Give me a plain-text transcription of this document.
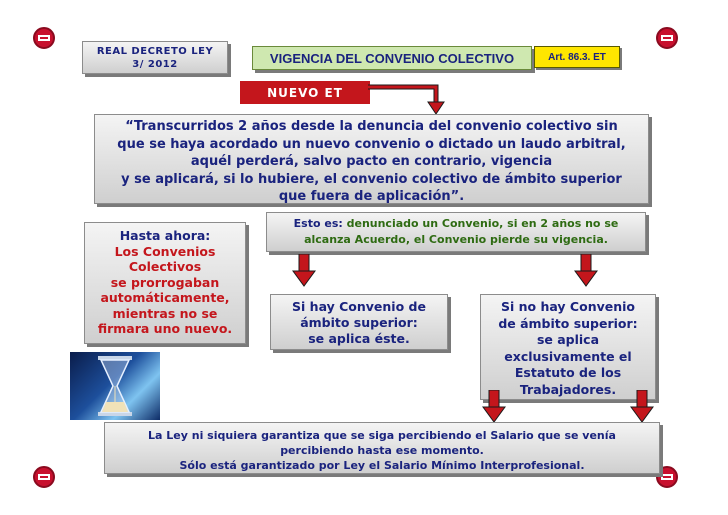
REAL DECRETO LEY
3/ 2012	VIGENCIA DEL CONVENIO COLECTIVO	Art. 86.3. ET
NUEVO ET
“Transcurridos 2 años desde la denuncia del convenio colectivo sin
que se haya acordado un nuevo convenio o dictado un laudo arbitral,
aquél perderá, salvo pacto en contrario, vigencia
y se aplicará, si lo hubiere, el convenio colectivo de ámbito superior
que fuera de aplicación”.
Esto es: denunciado un Convenio, si en 2 años no se
alcanza Acuerdo, el Convenio pierde su vigencia.
Hasta ahora:
Los Convenios
Colectivos
se prorrogaban
automáticamente,
mientras no se
firmara uno nuevo.
Si hay Convenio de
ámbito superior:
se aplica éste.
Si no hay Convenio
de ámbito superior:
se aplica
exclusivamente el
Estatuto de los
Trabajadores.
La Ley ni siquiera garantiza que se siga percibiendo el Salario que se venía
percibiendo hasta ese momento.
Sólo está garantizado por Ley el Salario Mínimo Interprofesional.
